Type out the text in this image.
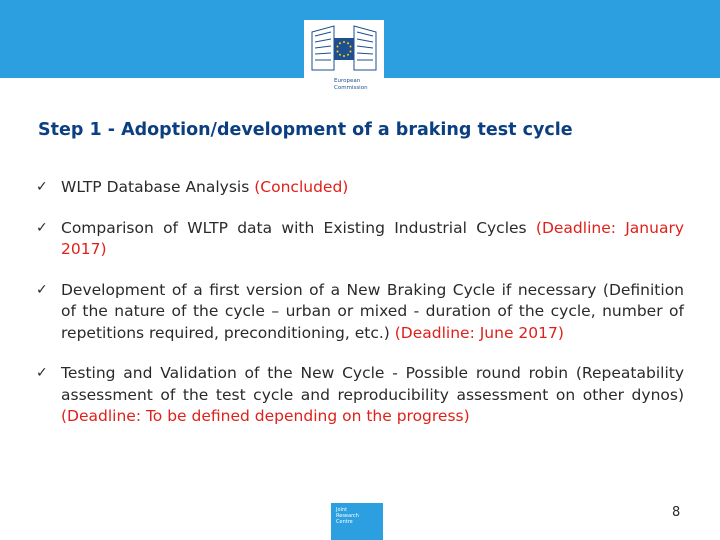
European
Commission
Step 1 - Adoption/development of a braking test cycle
✓ WLTP Database Analysis (Concluded)
✓ Comparison of WLTP data with Existing Industrial Cycles (Deadline: January 2017)
✓ Development of a first version of a New Braking Cycle if necessary (Definition of the nature of the cycle – urban or mixed - duration of the cycle, number of repetitions required, preconditioning, etc.) (Deadline: June 2017)
✓ Testing and Validation of the New Cycle - Possible round robin (Repeatability assessment of the test cycle and reproducibility assessment on other dynos) (Deadline: To be defined depending on the progress)
Joint
Research
Centre
8
